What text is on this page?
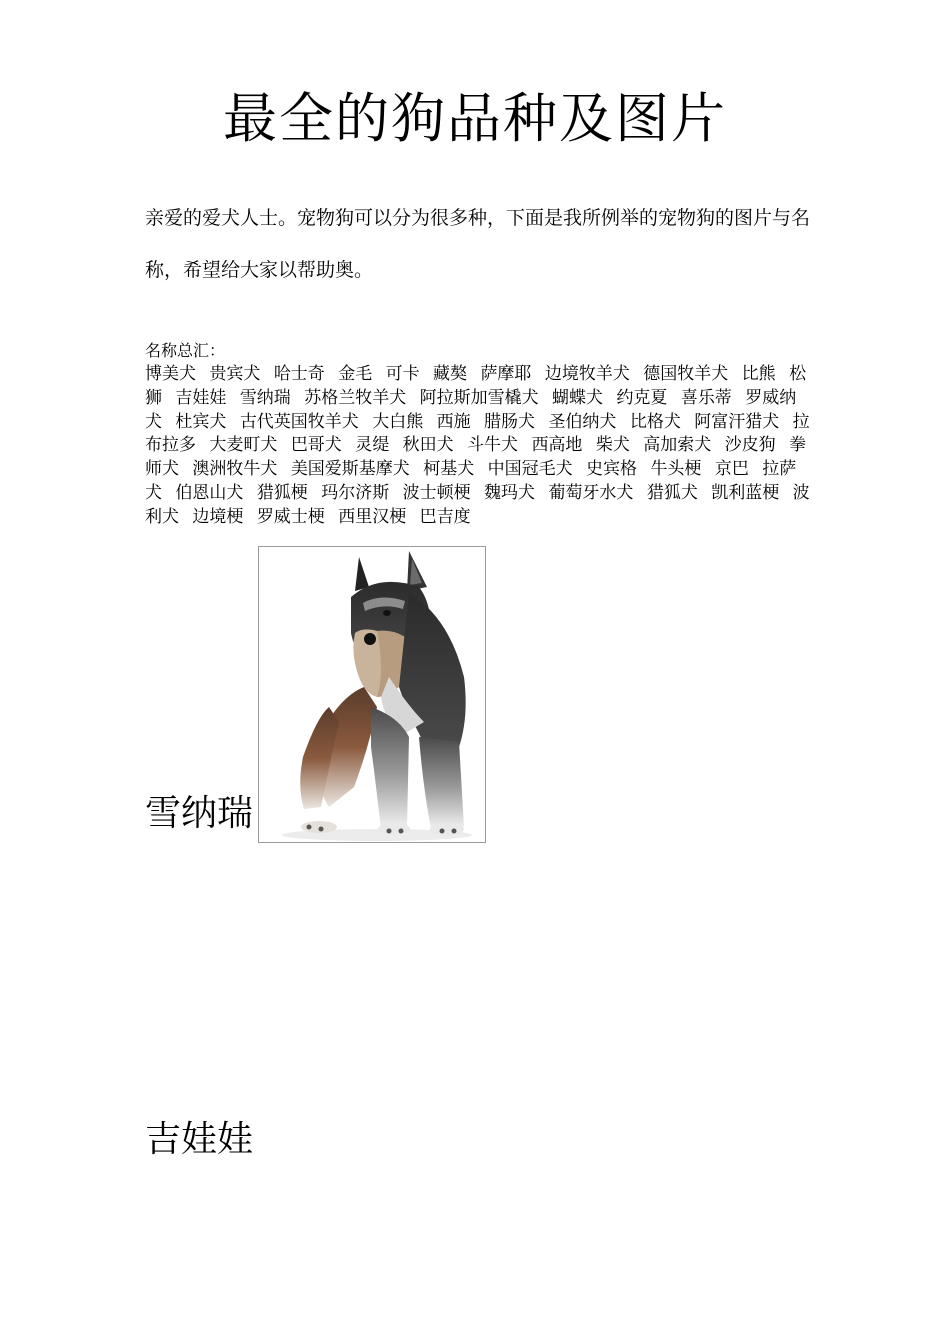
最全的狗品种及图片

亲爱的爱犬人士。宠物狗可以分为很多种，下面是我所例举的宠物狗的图片与名称，希望给大家以帮助奥。

名称总汇：

博美犬 贵宾犬 哈士奇 金毛 可卡 藏獒 萨摩耶 边境牧羊犬 德国牧羊犬 比熊 松狮 吉娃娃 雪纳瑞 苏格兰牧羊犬 阿拉斯加雪橇犬 蝴蝶犬 约克夏 喜乐蒂 罗威纳犬 杜宾犬 古代英国牧羊犬 大白熊 西施 腊肠犬 圣伯纳犬 比格犬 阿富汗猎犬 拉布拉多 大麦町犬 巴哥犬 灵缇 秋田犬 斗牛犬 西高地 柴犬 高加索犬 沙皮狗 拳师犬 澳洲牧牛犬 美国爱斯基摩犬 柯基犬 中国冠毛犬 史宾格 牛头梗 京巴 拉萨犬 伯恩山犬 猎狐梗 玛尔济斯 波士顿梗 魏玛犬 葡萄牙水犬 猎狐犬 凯利蓝梗 波利犬 边境梗 罗威士梗 西里汉梗 巴吉度

雪纳瑞
吉娃娃
